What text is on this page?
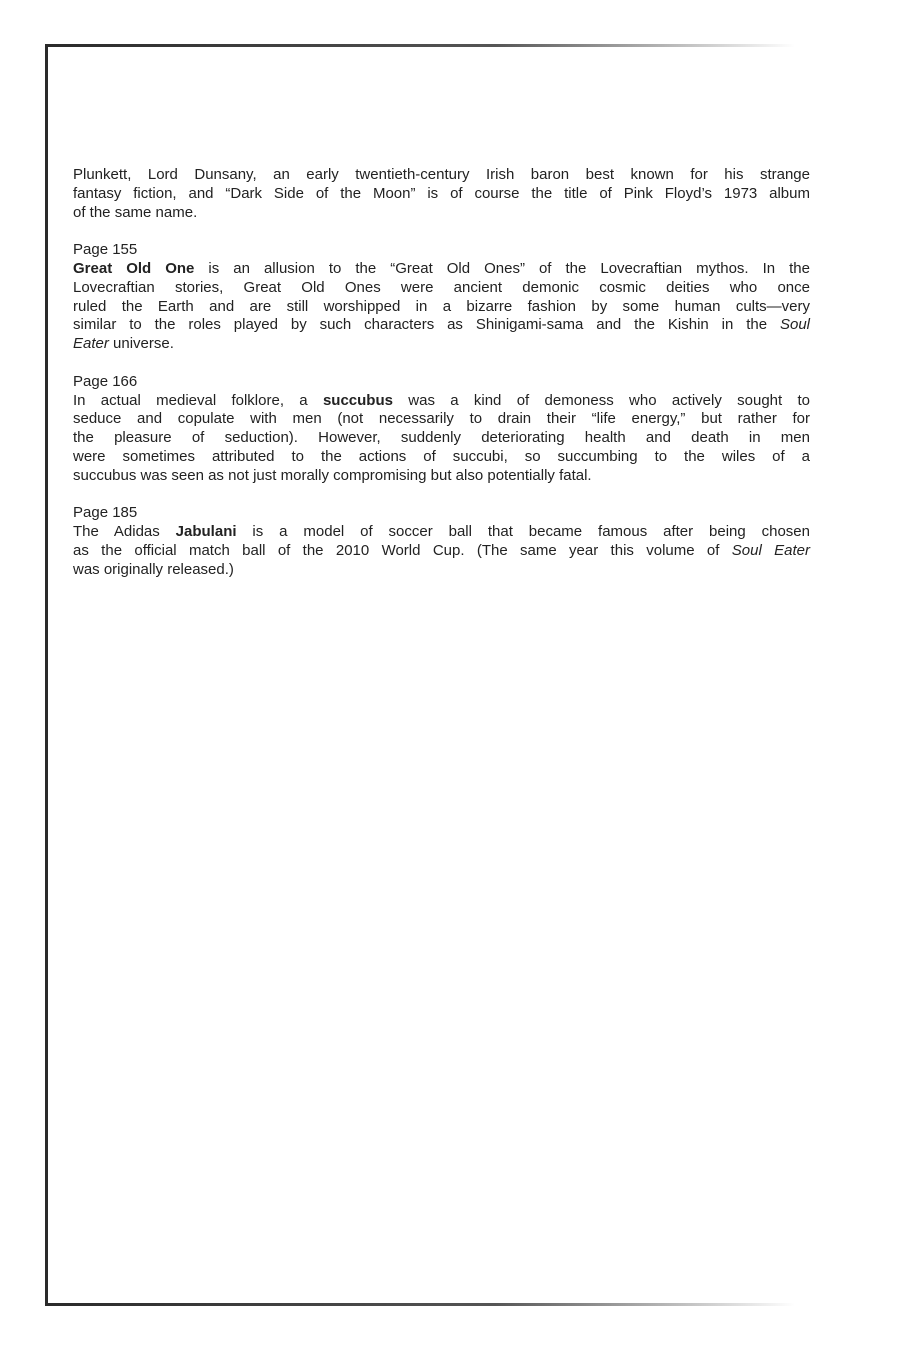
Plunkett, Lord Dunsany, an early twentieth-century Irish baron best known for his strange
fantasy fiction, and “Dark Side of the Moon” is of course the title of Pink Floyd’s 1973 album
of the same name.
Page 155
Great Old One is an allusion to the “Great Old Ones” of the Lovecraftian mythos. In the
Lovecraftian stories, Great Old Ones were ancient demonic cosmic deities who once
ruled the Earth and are still worshipped in a bizarre fashion by some human cults—very
similar to the roles played by such characters as Shinigami-sama and the Kishin in the Soul
Eater universe.
Page 166
In actual medieval folklore, a succubus was a kind of demoness who actively sought to
seduce and copulate with men (not necessarily to drain their “life energy,” but rather for
the pleasure of seduction). However, suddenly deteriorating health and death in men
were sometimes attributed to the actions of succubi, so succumbing to the wiles of a
succubus was seen as not just morally compromising but also potentially fatal.
Page 185
The Adidas Jabulani is a model of soccer ball that became famous after being chosen
as the official match ball of the 2010 World Cup. (The same year this volume of Soul Eater
was originally released.)
